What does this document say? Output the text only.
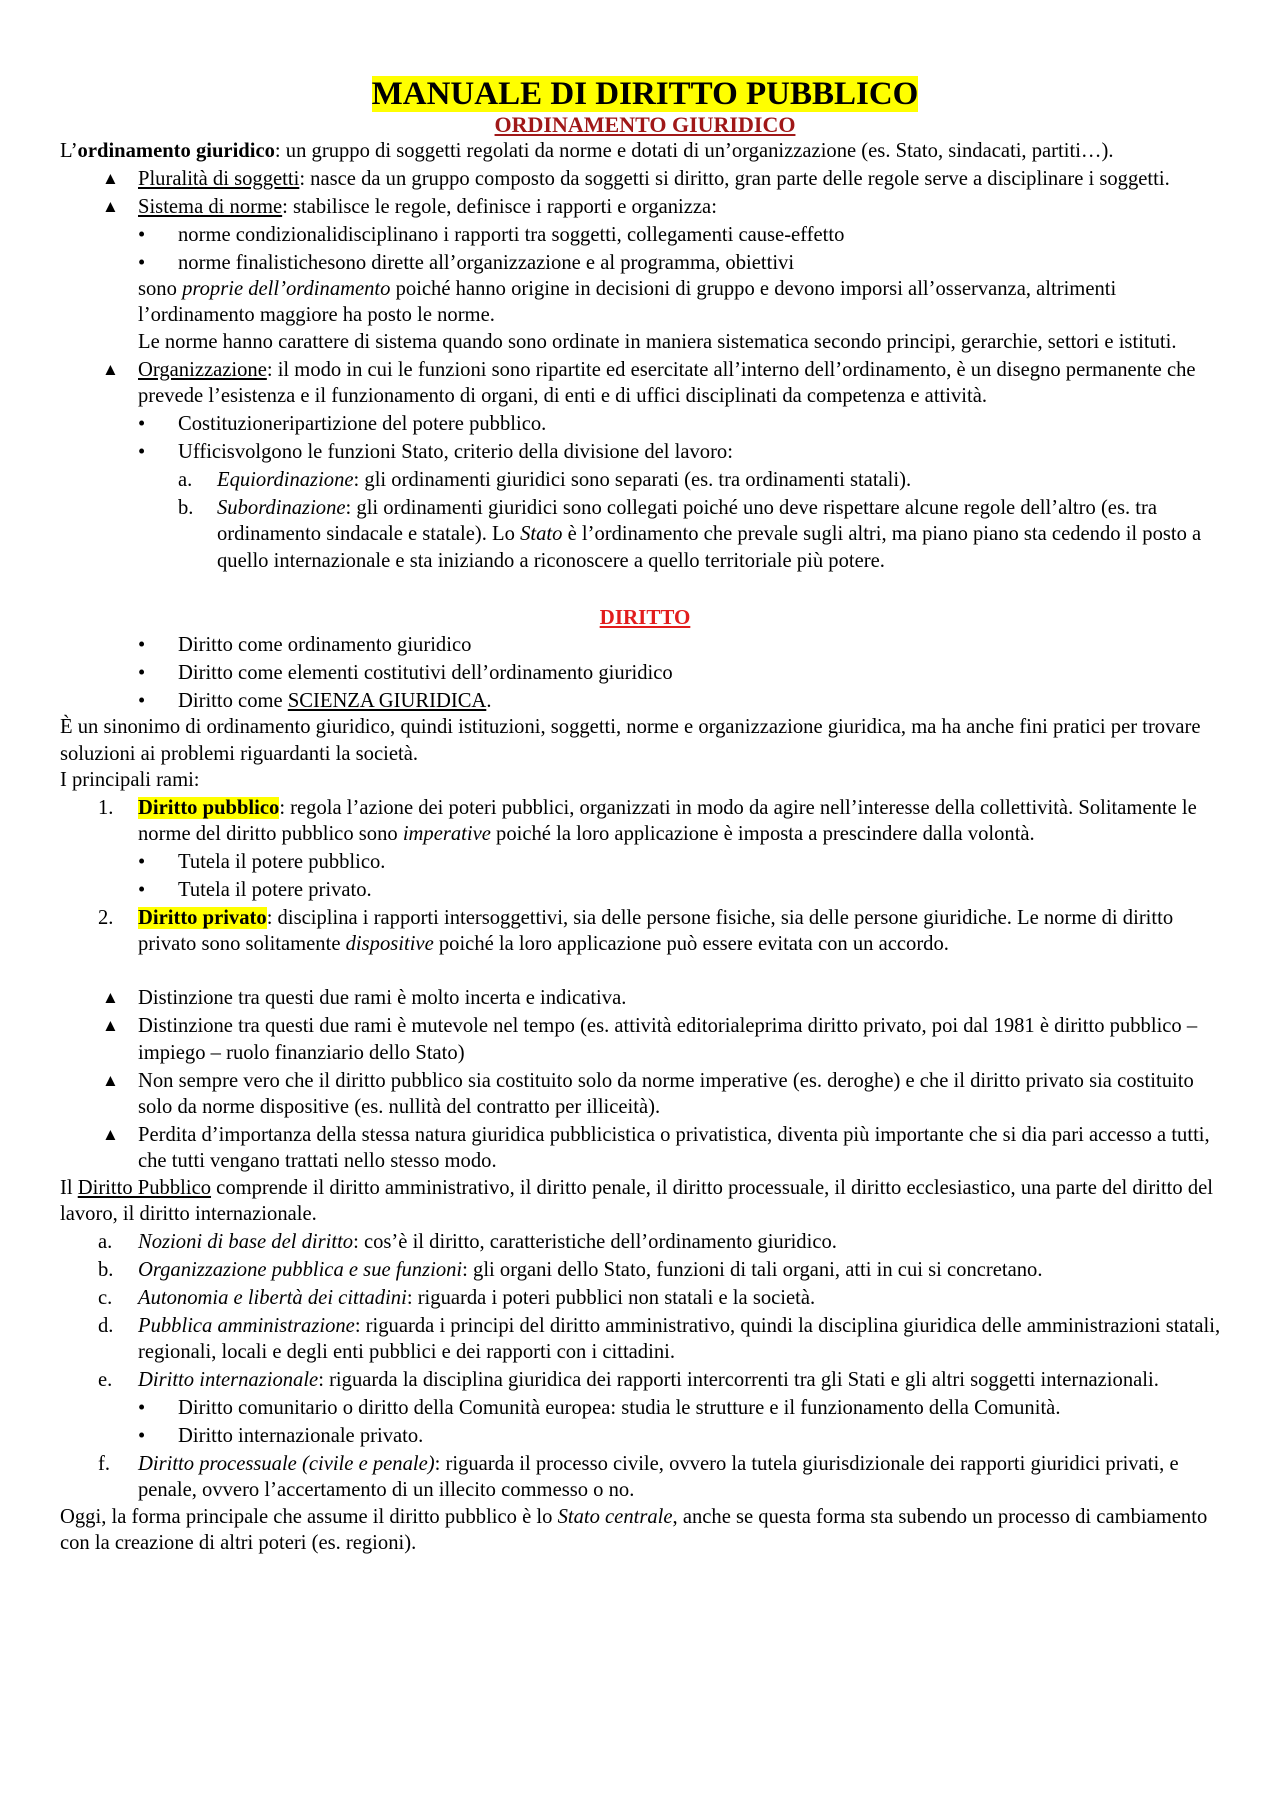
MANUALE DI DIRITTO PUBBLICO
ORDINAMENTO GIURIDICO

L’ordinamento giuridico: un gruppo di soggetti regolati da norme e dotati di un’organizzazione (es. Stato, sindacati, partiti…).

▲ Pluralità di soggetti: nasce da un gruppo composto da soggetti si diritto, gran parte delle regole serve a disciplinare i soggetti.
▲ Sistema di norme: stabilisce le regole, definisce i rapporti e organizza:
• norme condizionalidisciplinano i rapporti tra soggetti, collegamenti cause-effetto
• norme finalistichesono dirette all’organizzazione e al programma, obiettivi

sono proprie dell’ordinamento poiché hanno origine in decisioni di gruppo e devono imporsi all’osservanza, altrimenti l’ordinamento maggiore ha posto le norme.

Le norme hanno carattere di sistema quando sono ordinate in maniera sistematica secondo principi, gerarchie, settori e istituti.

▲ Organizzazione: il modo in cui le funzioni sono ripartite ed esercitate all’interno dell’ordinamento, è un disegno permanente che prevede l’esistenza e il funzionamento di organi, di enti e di uffici disciplinati da competenza e attività.
• Costituzioneripartizione del potere pubblico.
• Ufficisvolgono le funzioni Stato, criterio della divisione del lavoro:
a. Equiordinazione: gli ordinamenti giuridici sono separati (es. tra ordinamenti statali).
b. Subordinazione: gli ordinamenti giuridici sono collegati poiché uno deve rispettare alcune regole dell’altro (es. tra ordinamento sindacale e statale). Lo Stato è l’ordinamento che prevale sugli altri, ma piano piano sta cedendo il posto a quello internazionale e sta iniziando a riconoscere a quello territoriale più potere.
DIRITTO
• Diritto come ordinamento giuridico
• Diritto come elementi costitutivi dell’ordinamento giuridico
• Diritto come SCIENZA GIURIDICA.

È un sinonimo di ordinamento giuridico, quindi istituzioni, soggetti, norme e organizzazione giuridica, ma ha anche fini pratici per trovare soluzioni ai problemi riguardanti la società.

I principali rami:

1. Diritto pubblico: regola l’azione dei poteri pubblici, organizzati in modo da agire nell’interesse della collettività. Solitamente le norme del diritto pubblico sono imperative poiché la loro applicazione è imposta a prescindere dalla volontà.
• Tutela il potere pubblico.
• Tutela il potere privato.
2. Diritto privato: disciplina i rapporti intersoggettivi, sia delle persone fisiche, sia delle persone giuridiche. Le norme di diritto privato sono solitamente dispositive poiché la loro applicazione può essere evitata con un accordo.
▲ Distinzione tra questi due rami è molto incerta e indicativa.
▲ Distinzione tra questi due rami è mutevole nel tempo (es. attività editorialeprima diritto privato, poi dal 1981 è diritto pubblico – impiego – ruolo finanziario dello Stato)
▲ Non sempre vero che il diritto pubblico sia costituito solo da norme imperative (es. deroghe) e che il diritto privato sia costituito solo da norme dispositive (es. nullità del contratto per illiceità).
▲ Perdita d’importanza della stessa natura giuridica pubblicistica o privatistica, diventa più importante che si dia pari accesso a tutti, che tutti vengano trattati nello stesso modo.

Il Diritto Pubblico comprende il diritto amministrativo, il diritto penale, il diritto processuale, il diritto ecclesiastico, una parte del diritto del lavoro, il diritto internazionale.

a. Nozioni di base del diritto: cos’è il diritto, caratteristiche dell’ordinamento giuridico.
b. Organizzazione pubblica e sue funzioni: gli organi dello Stato, funzioni di tali organi, atti in cui si concretano.
c. Autonomia e libertà dei cittadini: riguarda i poteri pubblici non statali e la società.
d. Pubblica amministrazione: riguarda i principi del diritto amministrativo, quindi la disciplina giuridica delle amministrazioni statali, regionali, locali e degli enti pubblici e dei rapporti con i cittadini.
e. Diritto internazionale: riguarda la disciplina giuridica dei rapporti intercorrenti tra gli Stati e gli altri soggetti internazionali.
• Diritto comunitario o diritto della Comunità europea: studia le strutture e il funzionamento della Comunità.
• Diritto internazionale privato.
f. Diritto processuale (civile e penale): riguarda il processo civile, ovvero la tutela giurisdizionale dei rapporti giuridici privati, e penale, ovvero l’accertamento di un illecito commesso o no.

Oggi, la forma principale che assume il diritto pubblico è lo Stato centrale, anche se questa forma sta subendo un processo di cambiamento con la creazione di altri poteri (es. regioni).
